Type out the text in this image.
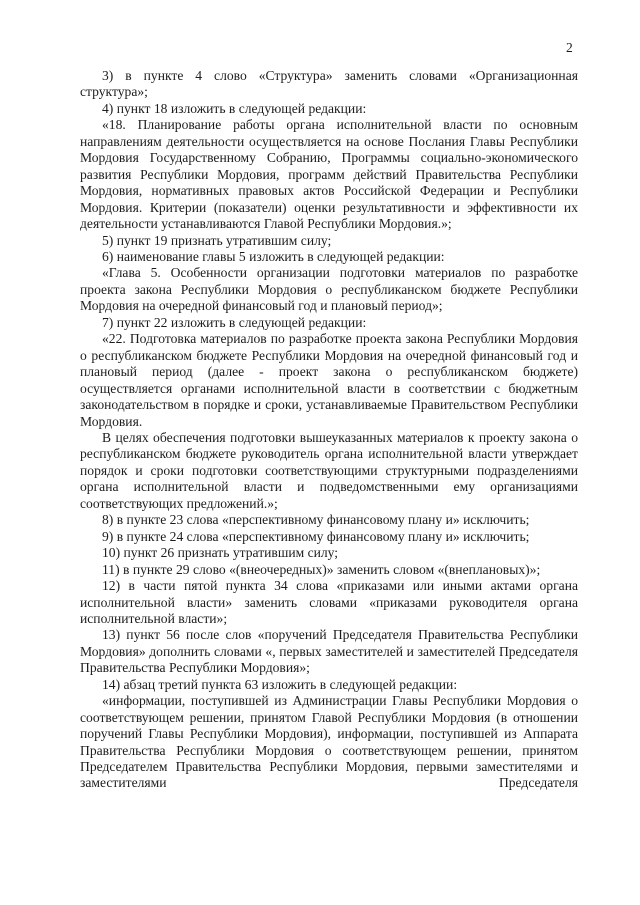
2

3) в пункте 4 слово «Структура» заменить словами «Организационная структура»;

4) пункт 18 изложить в следующей редакции:

«18. Планирование работы органа исполнительной власти по основным направлениям деятельности осуществляется на основе Послания Главы Республики Мордовия Государственному Собранию, Программы социально-экономического развития Республики Мордовия, программ действий Правительства Республики Мордовия, нормативных правовых актов Российской Федерации и Республики Мордовия. Критерии (показатели) оценки результативности и эффективности их деятельности устанавливаются Главой Республики Мордовия.»;

5) пункт 19 признать утратившим силу;

6) наименование главы 5 изложить в следующей редакции:

«Глава 5. Особенности организации подготовки материалов по разработке проекта закона Республики Мордовия о республиканском бюджете Республики Мордовия на очередной финансовый год и плановый период»;

7) пункт 22 изложить в следующей редакции:

«22. Подготовка материалов по разработке проекта закона Республики Мордовия о республиканском бюджете Республики Мордовия на очередной финансовый год и плановый период (далее - проект закона о республиканском бюджете) осуществляется органами исполнительной власти в соответствии с бюджетным законодательством в порядке и сроки, устанавливаемые Правительством Республики Мордовия.

В целях обеспечения подготовки вышеуказанных материалов к проекту закона о республиканском бюджете руководитель органа исполнительной власти утверждает порядок и сроки подготовки соответствующими структурными подразделениями органа исполнительной власти и подведомственными ему организациями соответствующих предложений.»;

8) в пункте 23 слова «перспективному финансовому плану и» исключить;

9) в пункте 24 слова «перспективному финансовому плану и» исключить;

10) пункт 26 признать утратившим силу;

11) в пункте 29 слово «(внеочередных)» заменить словом «(внеплановых)»;

12) в части пятой пункта 34 слова «приказами или иными актами органа исполнительной власти» заменить словами «приказами руководителя органа исполнительной власти»;

13) пункт 56 после слов «поручений Председателя Правительства Республики Мордовия» дополнить словами «, первых заместителей и заместителей Председателя Правительства Республики Мордовия»;

14) абзац третий пункта 63 изложить в следующей редакции:

«информации, поступившей из Администрации Главы Республики Мордовия о соответствующем решении, принятом Главой Республики Мордовия (в отношении поручений Главы Республики Мордовия), информации, поступившей из Аппарата Правительства Республики Мордовия о соответствующем решении, принятом Председателем Правительства Республики Мордовия, первыми заместителями и заместителями Председателя
